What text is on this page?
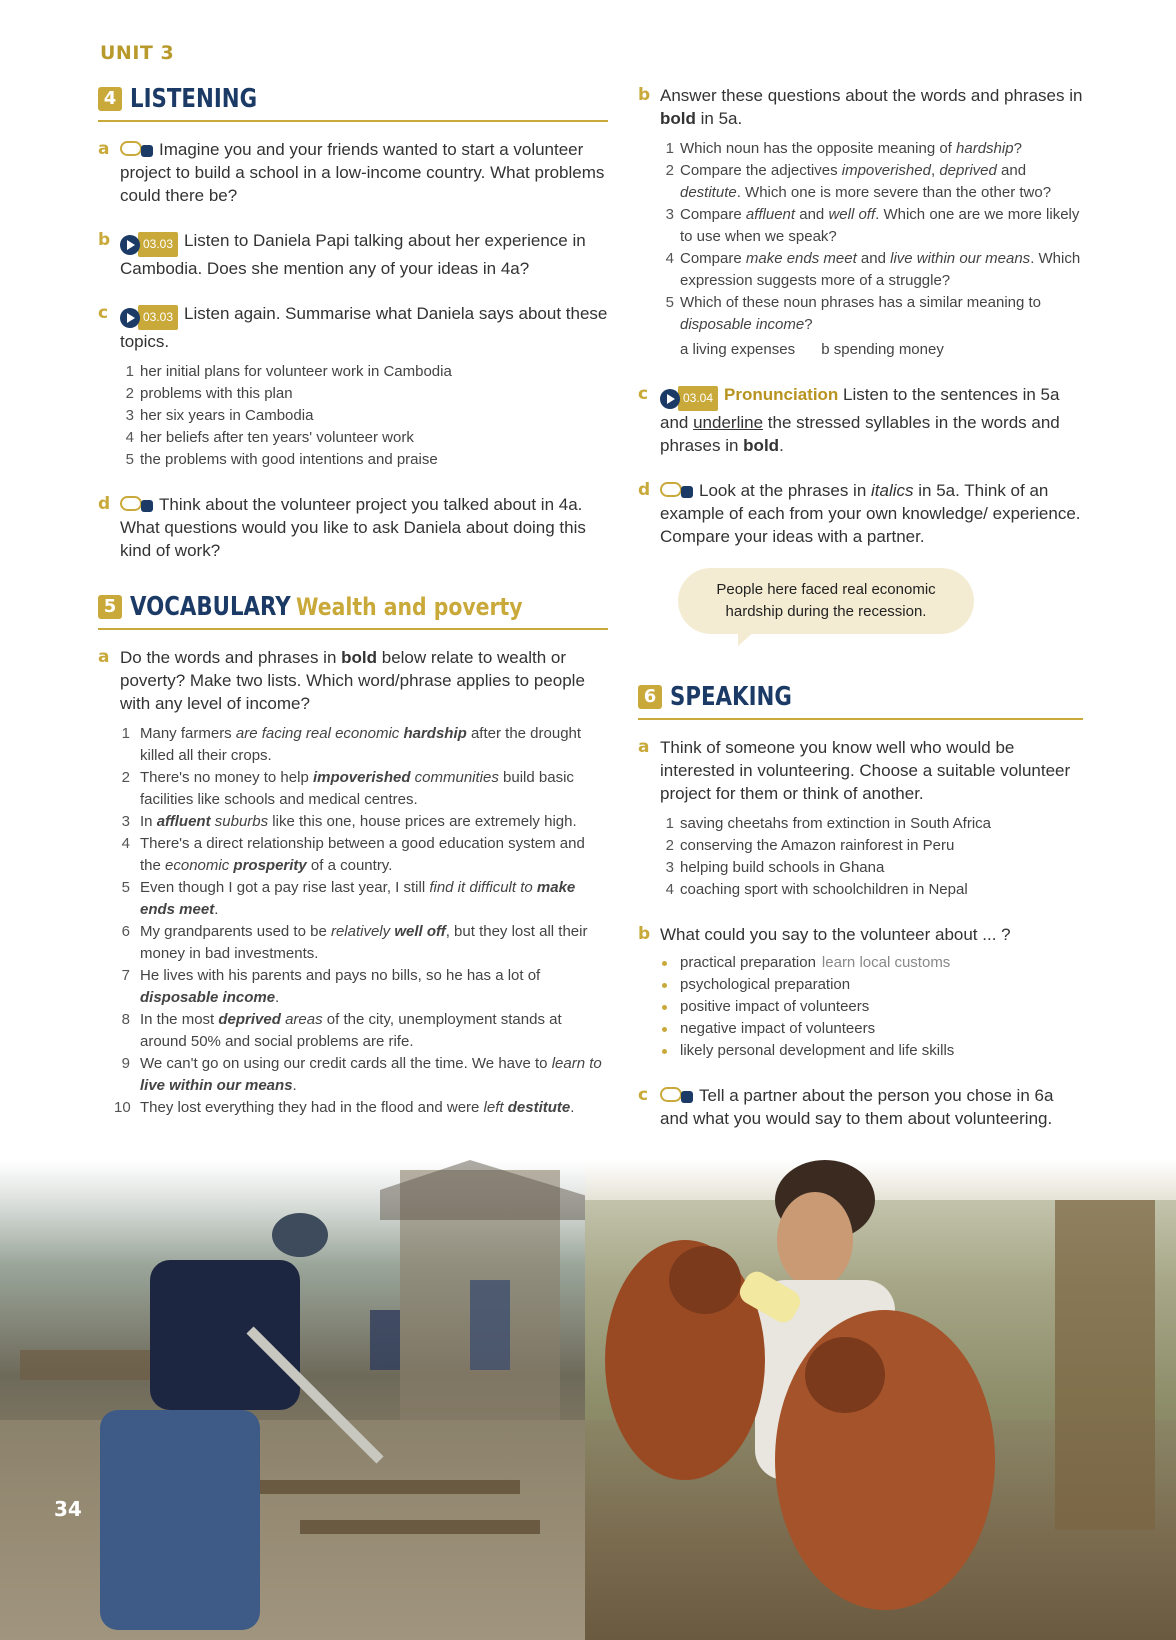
UNIT 3
4 LISTENING
a	Imagine you and your friends wanted to start a volunteer project to build a school in a low-income country. What problems could there be?
b	03.03 Listen to Daniela Papi talking about her experience in Cambodia. Does she mention any of your ideas in 4a?
c	03.03 Listen again. Summarise what Daniela says about these topics.
1 her initial plans for volunteer work in Cambodia
2 problems with this plan
3 her six years in Cambodia
4 her beliefs after ten years' volunteer work
5 the problems with good intentions and praise
d	Think about the volunteer project you talked about in 4a. What questions would you like to ask Daniela about doing this kind of work?
5 VOCABULARY Wealth and poverty
a Do the words and phrases in bold below relate to wealth or poverty? Make two lists. Which word/phrase applies to people with any level of income?
1 Many farmers are facing real economic hardship after the drought killed all their crops.
2 There's no money to help impoverished communities build basic facilities like schools and medical centres.
3 In affluent suburbs like this one, house prices are extremely high.
4 There's a direct relationship between a good education system and the economic prosperity of a country.
5 Even though I got a pay rise last year, I still find it difficult to make ends meet.
6 My grandparents used to be relatively well off, but they lost all their money in bad investments.
7 He lives with his parents and pays no bills, so he has a lot of disposable income.
8 In the most deprived areas of the city, unemployment stands at around 50% and social problems are rife.
9 We can't go on using our credit cards all the time. We have to learn to live within our means.
10 They lost everything they had in the flood and were left destitute.
b Answer these questions about the words and phrases in bold in 5a.
1 Which noun has the opposite meaning of hardship?
2 Compare the adjectives impoverished, deprived and destitute. Which one is more severe than the other two?
3 Compare affluent and well off. Which one are we more likely to use when we speak?
4 Compare make ends meet and live within our means. Which expression suggests more of a struggle?
5 Which of these noun phrases has a similar meaning to disposable income?
a living expenses b spending money
c	03.04 Pronunciation Listen to the sentences in 5a and underline the stressed syllables in the words and phrases in bold.
d	Look at the phrases in italics in 5a. Think of an example of each from your own knowledge/ experience. Compare your ideas with a partner.
People here faced real economic hardship during the recession.
6 SPEAKING
a Think of someone you know well who would be interested in volunteering. Choose a suitable volunteer project for them or think of another.
1 saving cheetahs from extinction in South Africa
2 conserving the Amazon rainforest in Peru
3 helping build schools in Ghana
4 coaching sport with schoolchildren in Nepal
b What could you say to the volunteer about ... ?
practical preparation learn local customs
psychological preparation
positive impact of volunteers
negative impact of volunteers
likely personal development and life skills
c	Tell a partner about the person you chose in 6a and what you would say to them about volunteering.
34
